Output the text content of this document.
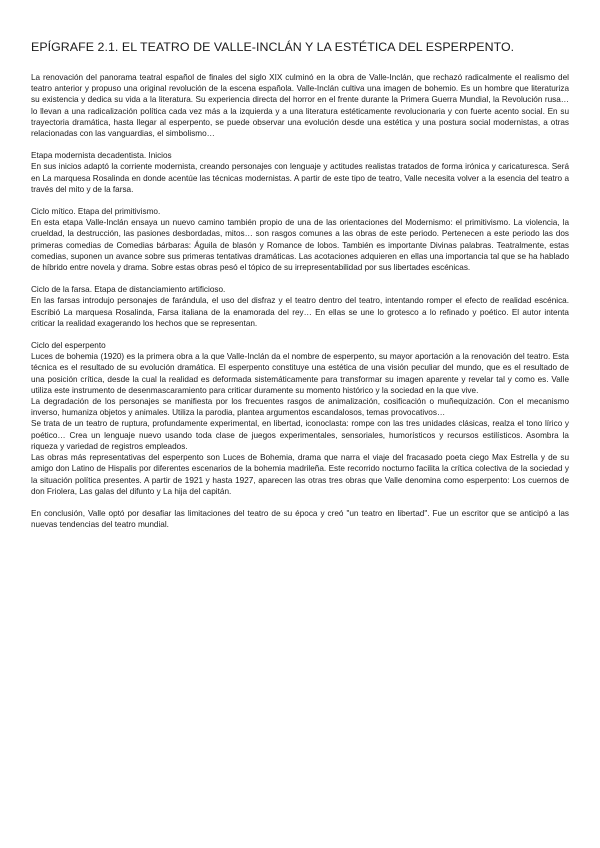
EPÍGRAFE 2.1. EL TEATRO DE VALLE-INCLÁN Y LA ESTÉTICA DEL ESPERPENTO.

La renovación del panorama teatral español de finales del siglo XIX culminó en la obra de Valle-Inclán, que rechazó radicalmente el realismo del teatro anterior y propuso una original revolución de la escena española. Valle-Inclán cultiva una imagen de bohemio. Es un hombre que literaturiza su existencia y dedica su vida a la literatura. Su experiencia directa del horror en el frente durante la Primera Guerra Mundial, la Revolución rusa… lo llevan a una radicalización política cada vez más a la izquierda y a una literatura estéticamente revolucionaria y con fuerte acento social. En su trayectoria dramática, hasta llegar al esperpento, se puede observar una evolución desde una estética y una postura social modernistas, a otras relacionadas con las vanguardias, el simbolismo…

Etapa modernista decadentista. Inicios

En sus inicios adaptó la corriente modernista, creando personajes con lenguaje y actitudes realistas tratados de forma irónica y caricaturesca. Será en La marquesa Rosalinda en donde acentúe las técnicas modernistas. A partir de este tipo de teatro, Valle necesita volver a la esencia del teatro a través del mito y de la farsa.

Ciclo mítico. Etapa del primitivismo.

En esta etapa Valle-Inclán ensaya un nuevo camino también propio de una de las orientaciones del Modernismo: el primitivismo. La violencia, la crueldad, la destrucción, las pasiones desbordadas, mitos… son rasgos comunes a las obras de este periodo. Pertenecen a este periodo las dos primeras comedias de Comedias bárbaras: Águila de blasón y Romance de lobos. También es importante Divinas palabras. Teatralmente, estas comedias, suponen un avance sobre sus primeras tentativas dramáticas. Las acotaciones adquieren en ellas una importancia tal que se ha hablado de híbrido entre novela y drama. Sobre estas obras pesó el tópico de su irrepresentabilidad por sus libertades escénicas.

Ciclo de la farsa. Etapa de distanciamiento artificioso.

En las farsas introdujo personajes de farándula, el uso del disfraz y el teatro dentro del teatro, intentando romper el efecto de realidad escénica. Escribió La marquesa Rosalinda, Farsa italiana de la enamorada del rey… En ellas se une lo grotesco a lo refinado y poético. El autor intenta criticar la realidad exagerando los hechos que se representan.

Ciclo del esperpento

Luces de bohemia (1920) es la primera obra a la que Valle-Inclán da el nombre de esperpento, su mayor aportación a la renovación del teatro. Esta técnica es el resultado de su evolución dramática. El esperpento constituye una estética de una visión peculiar del mundo, que es el resultado de una posición crítica, desde la cual la realidad es deformada sistemáticamente para transformar su imagen aparente y revelar tal y como es. Valle utiliza este instrumento de desenmascaramiento para criticar duramente su momento histórico y la sociedad en la que vive.

La degradación de los personajes se manifiesta por los frecuentes rasgos de animalización, cosificación o muñequización. Con el mecanismo inverso, humaniza objetos y animales. Utiliza la parodia, plantea argumentos escandalosos, temas provocativos…

Se trata de un teatro de ruptura, profundamente experimental, en libertad, iconoclasta: rompe con las tres unidades clásicas, realza el tono lírico y poético… Crea un lenguaje nuevo usando toda clase de juegos experimentales, sensoriales, humorísticos y recursos estilísticos. Asombra la riqueza y variedad de registros empleados.

Las obras más representativas del esperpento son Luces de Bohemia, drama que narra el viaje del fracasado poeta ciego Max Estrella y de su amigo don Latino de Hispalis por diferentes escenarios de la bohemia madrileña. Este recorrido nocturno facilita la crítica colectiva de la sociedad y la situación política presentes. A partir de 1921 y hasta 1927, aparecen las otras tres obras que Valle denomina como esperpento: Los cuernos de don Friolera, Las galas del difunto y La hija del capitán.

En conclusión, Valle optó por desafiar las limitaciones del teatro de su época y creó "un teatro en libertad". Fue un escritor que se anticipó a las nuevas tendencias del teatro mundial.
